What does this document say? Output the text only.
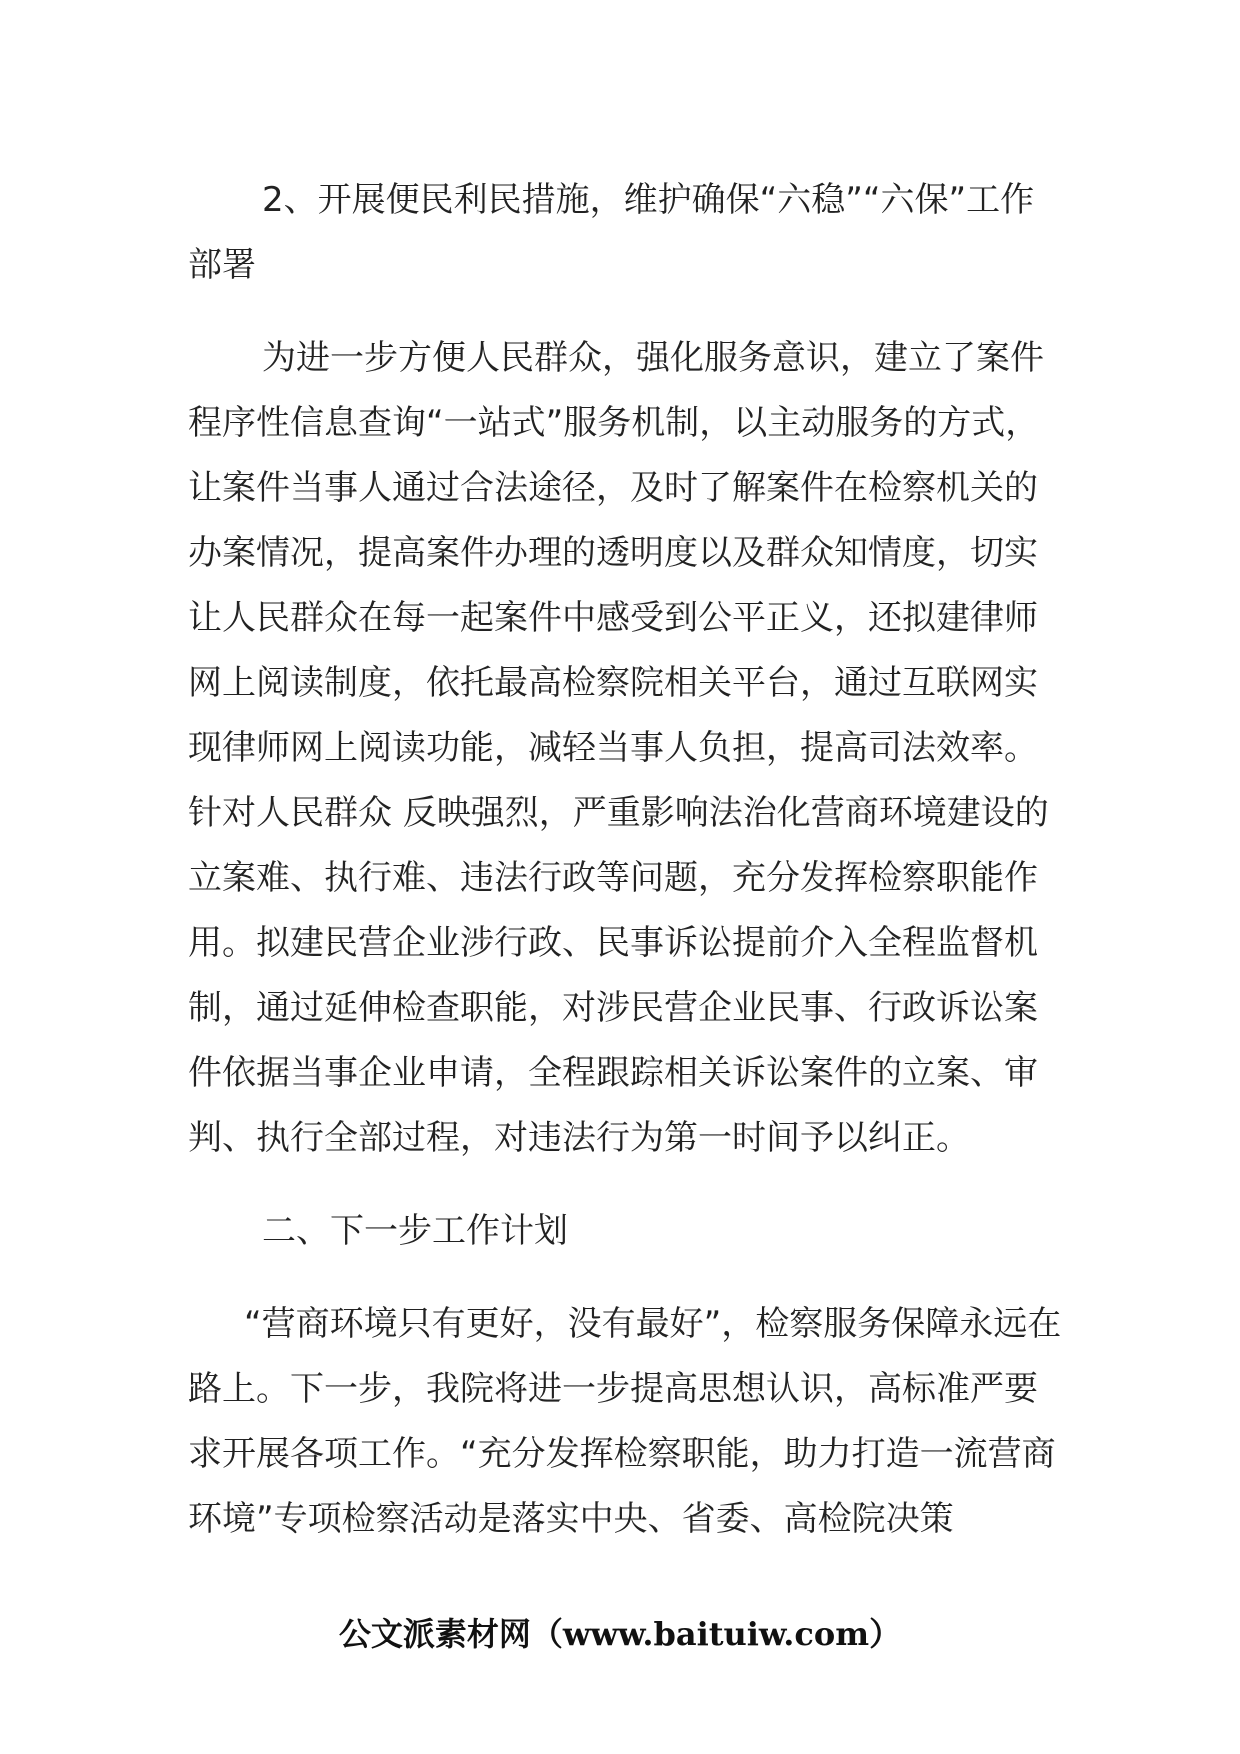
2、开展便民利民措施，维护确保“六稳”“六保”工作部署

为进一步方便人民群众，强化服务意识，建立了案件程序性信息查询“一站式”服务机制，以主动服务的方式，让案件当事人通过合法途径，及时了解案件在检察机关的办案情况，提高案件办理的透明度以及群众知情度，切实让人民群众在每一起案件中感受到公平正义，还拟建律师网上阅读制度，依托最高检察院相关平台，通过互联网实现律师网上阅读功能，减轻当事人负担，提高司法效率。针对人民群众 反映强烈，严重影响法治化营商环境建设的立案难、执行难、违法行政等问题，充分发挥检察职能作用。拟建民营企业涉行政、民事诉讼提前介入全程监督机制，通过延伸检查职能，对涉民营企业民事、行政诉讼案件依据当事企业申请，全程跟踪相关诉讼案件的立案、审判、执行全部过程，对违法行为第一时间予以纠正。

二、下一步工作计划

“营商环境只有更好，没有最好”，检察服务保障永远在路上。下一步，我院将进一步提高思想认识，高标准严要求开展各项工作。“充分发挥检察职能，助力打造一流营商环境”专项检察活动是落实中央、省委、高检院决策

公文派素材网（www.baituiw.com）
